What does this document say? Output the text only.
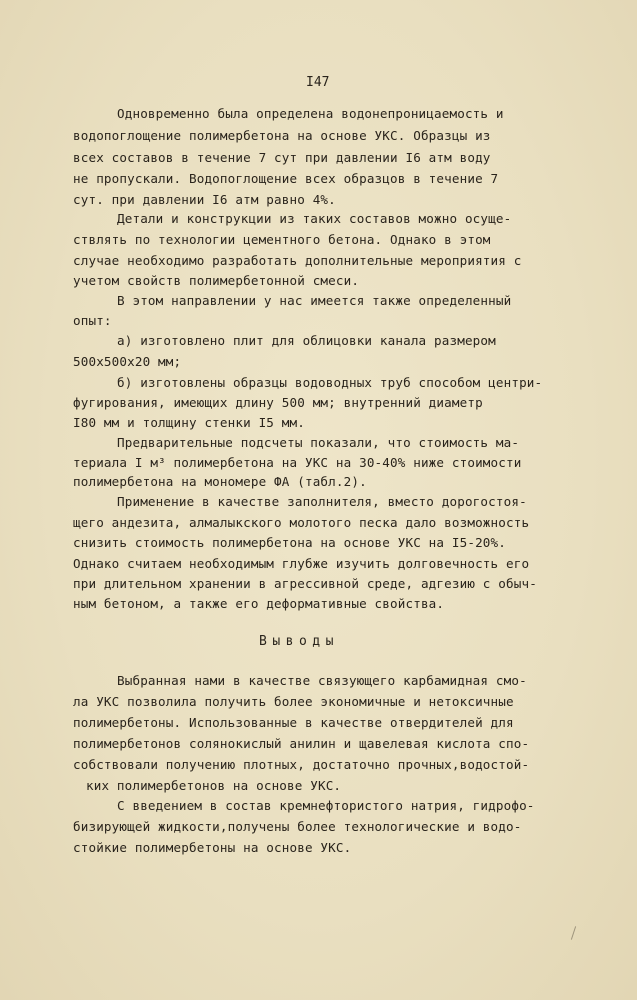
I47
Одновременно была определена водонепроницаемость и
водопоглощение полимербетона на основе УКС. Образцы из
всех составов в течение 7 сут при давлении I6 атм воду
не пропускали. Водопоглощение всех образцов в течение 7
сут. при давлении I6 атм равно 4%.
Детали и конструкции из таких составов можно осуще-
ствлять по технологии цементного бетона. Однако в этом
случае необходимо разработать дополнительные мероприятия с
учетом свойств полимербетонной смеси.
В этом направлении у нас имеется также определенный
опыт:
а) изготовлено плит для облицовки канала размером
500х500х20 мм;
б) изготовлены образцы водоводных труб способом центри-
фугирования, имеющих длину 500 мм; внутренний диаметр
I80 мм и толщину стенки I5 мм.
Предварительные подсчеты показали, что стоимость ма-
териала I м³ полимербетона на УКС на 30-40% ниже стоимости
полимербетона на мономере ФА (табл.2).
Применение в качестве заполнителя, вместо дорогостоя-
щего андезита, алмалыкского молотого песка дало возможность
снизить стоимость полимербетона на основе УКС на I5-20%.
Однако считаем необходимым глубже изучить долговечность его
при длительном хранении в агрессивной среде, адгезию с обыч-
ным бетоном, а также его деформативные свойства.
Выводы
Выбранная нами в качестве связующего карбамидная смо-
ла УКС позволила получить более экономичные и нетоксичные
полимербетоны. Использованные в качестве отвердителей для
полимербетонов солянокислый анилин и щавелевая кислота спо-
собствовали получению плотных, достаточно прочных,водостой-
ких полимербетонов на основе УКС.
С введением в состав кремнефтористого натрия, гидрофо-
бизирующей жидкости,получены более технологические и водо-
стойкие полимербетоны на основе УКС.
